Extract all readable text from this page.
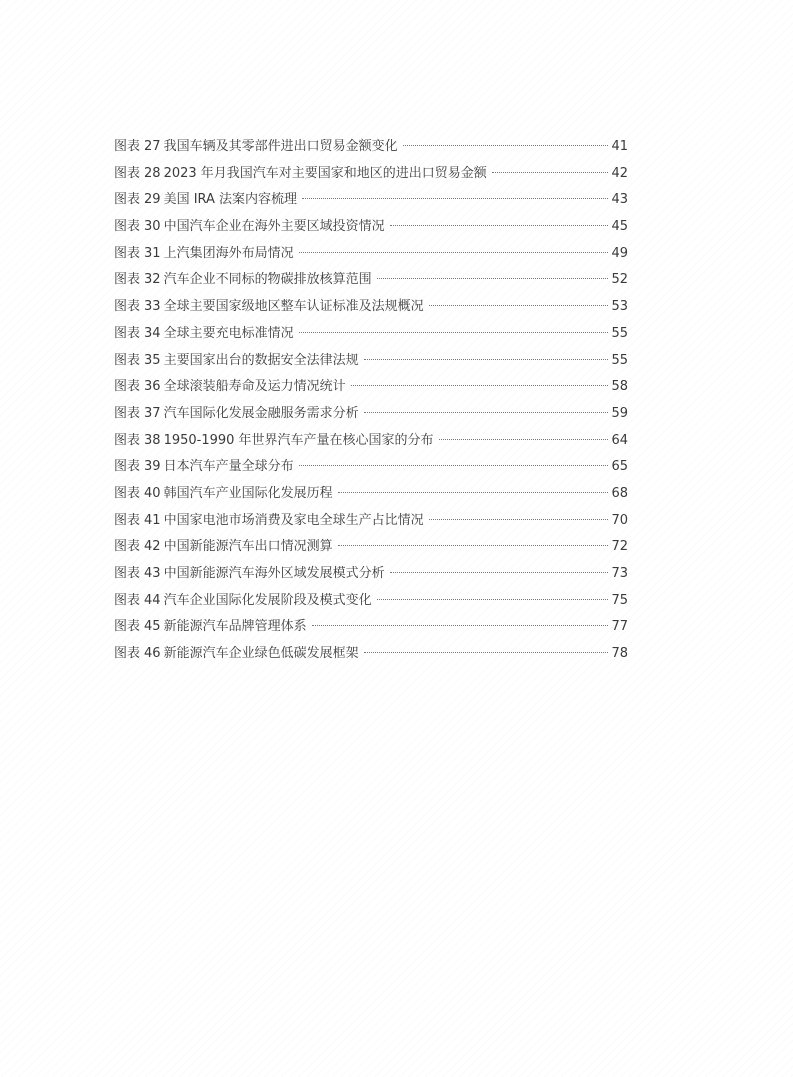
图表 27 我国车辆及其零部件进出口贸易金额变化	41
图表 28 2023 年月我国汽车对主要国家和地区的进出口贸易金额	42
图表 29 美国 IRA 法案内容梳理	43
图表 30 中国汽车企业在海外主要区域投资情况	45
图表 31 上汽集团海外布局情况	49
图表 32 汽车企业不同标的物碳排放核算范围	52
图表 33 全球主要国家级地区整车认证标准及法规概况	53
图表 34 全球主要充电标准情况	55
图表 35 主要国家出台的数据安全法律法规	55
图表 36 全球滚装船寿命及运力情况统计	58
图表 37 汽车国际化发展金融服务需求分析	59
图表 38 1950-1990 年世界汽车产量在核心国家的分布	64
图表 39 日本汽车产量全球分布	65
图表 40 韩国汽车产业国际化发展历程	68
图表 41 中国家电池市场消费及家电全球生产占比情况	70
图表 42 中国新能源汽车出口情况测算	72
图表 43 中国新能源汽车海外区域发展模式分析	73
图表 44 汽车企业国际化发展阶段及模式变化	75
图表 45 新能源汽车品牌管理体系	77
图表 46 新能源汽车企业绿色低碳发展框架	78
